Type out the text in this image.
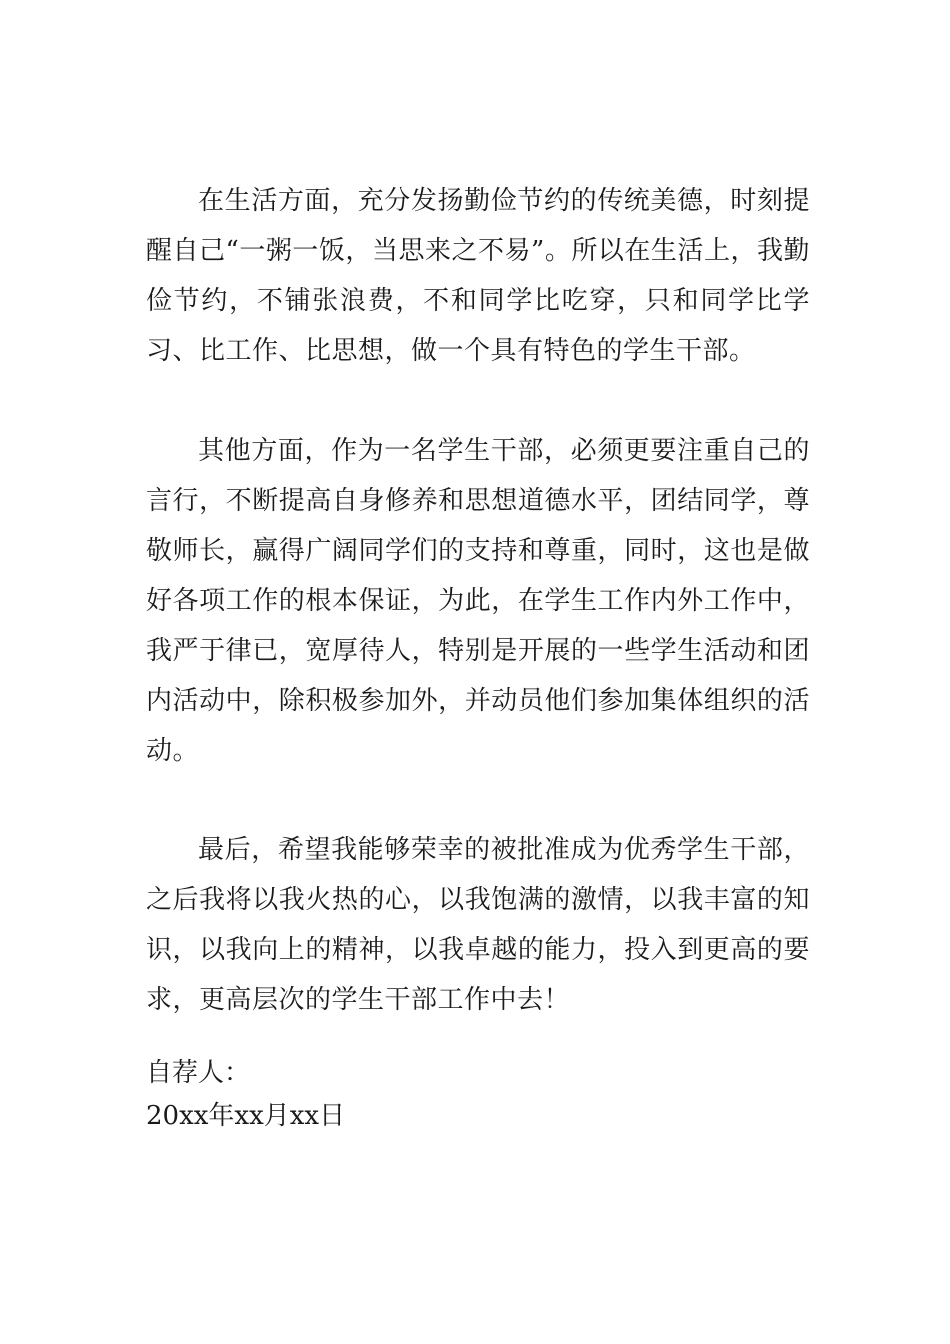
在生活方面，充分发扬勤俭节约的传统美德，时刻提醒自己“一粥一饭，当思来之不易”。所以在生活上，我勤俭节约，不铺张浪费，不和同学比吃穿，只和同学比学习、比工作、比思想，做一个具有特色的学生干部。

其他方面，作为一名学生干部，必须更要注重自己的言行，不断提高自身修养和思想道德水平，团结同学，尊敬师长，赢得广阔同学们的支持和尊重，同时，这也是做好各项工作的根本保证，为此，在学生工作内外工作中，我严于律已，宽厚待人，特别是开展的一些学生活动和团内活动中，除积极参加外，并动员他们参加集体组织的活动。

最后，希望我能够荣幸的被批准成为优秀学生干部，之后我将以我火热的心，以我饱满的激情，以我丰富的知识，以我向上的精神，以我卓越的能力，投入到更高的要求，更高层次的学生干部工作中去！

自荐人：

20xx年xx月xx日
